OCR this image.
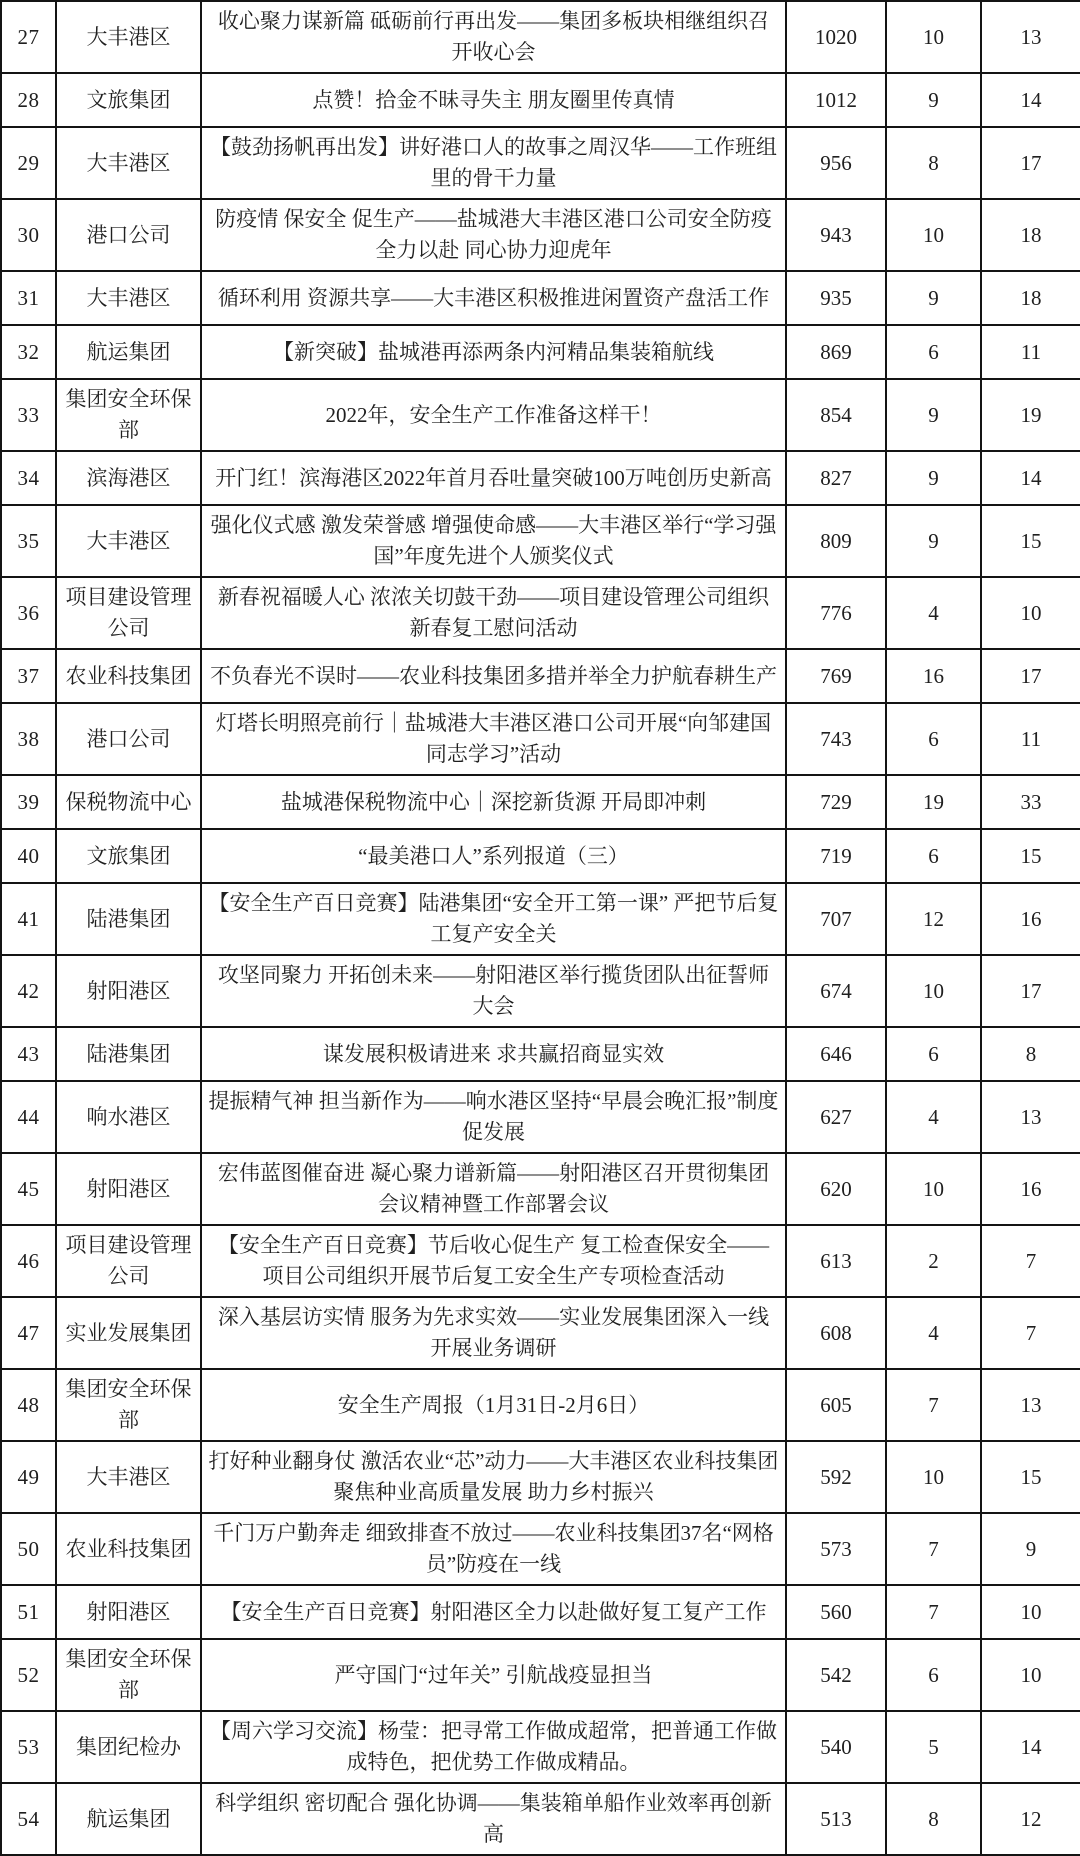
27	大丰港区	收心聚力谋新篇 砥砺前行再出发——集团多板块相继组织召开收心会	1020	10	13
28	文旅集团	点赞！拾金不昧寻失主 朋友圈里传真情	1012	9	14
29	大丰港区	【鼓劲扬帆再出发】讲好港口人的故事之周汉华——工作班组里的骨干力量	956	8	17
30	港口公司	防疫情 保安全 促生产——盐城港大丰港区港口公司安全防疫全力以赴 同心协力迎虎年	943	10	18
31	大丰港区	循环利用 资源共享——大丰港区积极推进闲置资产盘活工作	935	9	18
32	航运集团	【新突破】盐城港再添两条内河精品集装箱航线	869	6	11
33	集团安全环保部	2022年，安全生产工作准备这样干！	854	9	19
34	滨海港区	开门红！滨海港区2022年首月吞吐量突破100万吨创历史新高	827	9	14
35	大丰港区	强化仪式感 激发荣誉感 增强使命感——大丰港区举行“学习强国”年度先进个人颁奖仪式	809	9	15
36	项目建设管理公司	新春祝福暖人心 浓浓关切鼓干劲——项目建设管理公司组织新春复工慰问活动	776	4	10
37	农业科技集团	不负春光不误时——农业科技集团多措并举全力护航春耕生产	769	16	17
38	港口公司	灯塔长明照亮前行｜盐城港大丰港区港口公司开展“向邹建国同志学习”活动	743	6	11
39	保税物流中心	盐城港保税物流中心｜深挖新货源 开局即冲刺	729	19	33
40	文旅集团	“最美港口人”系列报道（三）	719	6	15
41	陆港集团	【安全生产百日竞赛】陆港集团“安全开工第一课” 严把节后复工复产安全关	707	12	16
42	射阳港区	攻坚同聚力 开拓创未来——射阳港区举行揽货团队出征誓师大会	674	10	17
43	陆港集团	谋发展积极请进来 求共赢招商显实效	646	6	8
44	响水港区	提振精气神 担当新作为——响水港区坚持“早晨会晚汇报”制度促发展	627	4	13
45	射阳港区	宏伟蓝图催奋进 凝心聚力谱新篇——射阳港区召开贯彻集团会议精神暨工作部署会议	620	10	16
46	项目建设管理公司	【安全生产百日竞赛】节后收心促生产 复工检查保安全——项目公司组织开展节后复工安全生产专项检查活动	613	2	7
47	实业发展集团	深入基层访实情 服务为先求实效——实业发展集团深入一线开展业务调研	608	4	7
48	集团安全环保部	安全生产周报（1月31日-2月6日）	605	7	13
49	大丰港区	打好种业翻身仗 激活农业“芯”动力——大丰港区农业科技集团聚焦种业高质量发展 助力乡村振兴	592	10	15
50	农业科技集团	千门万户勤奔走 细致排查不放过——农业科技集团37名“网格员”防疫在一线	573	7	9
51	射阳港区	【安全生产百日竞赛】射阳港区全力以赴做好复工复产工作	560	7	10
52	集团安全环保部	严守国门“过年关” 引航战疫显担当	542	6	10
53	集团纪检办	【周六学习交流】杨莹：把寻常工作做成超常，把普通工作做成特色，把优势工作做成精品。	540	5	14
54	航运集团	科学组织 密切配合 强化协调——集装箱单船作业效率再创新高	513	8	12
